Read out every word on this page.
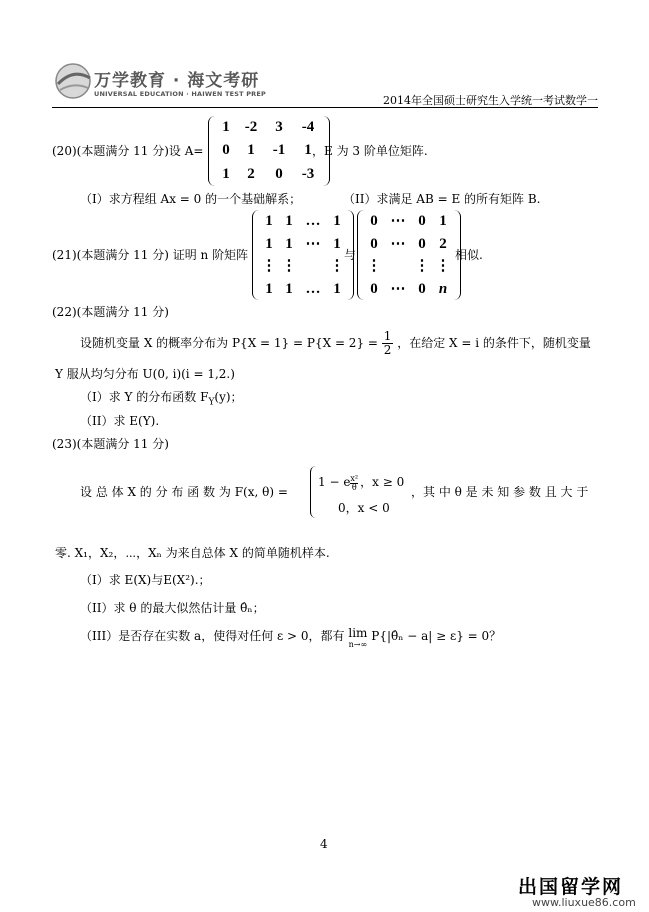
万学教育 · 海文考研
UNIVERSAL EDUCATION · HAIWEN TEST PREP	2014年全国硕士研究生入学统一考试数学一
(20)(本题满分 11 分)设 A=
1	-2	3	-4
0	1	-1	1
1	2	0	-3
，E 为 3 阶单位矩阵.
（I）求方程组 Ax = 0 的一个基础解系；	（II）求满足 AB = E 的所有矩阵 B.
(21)(本题满分 11 分) 证明 n 阶矩阵
1 1 … 1
1 1 ⋯ 1
⋮ ⋮ ⋮
1 1 … 1
与
0 ⋯ 0 1
0 ⋯ 0 2
⋮ ⋮ ⋮
0 ⋯ 0 n
相似.
(22)(本题满分 11 分)
设随机变量 X 的概率分布为 $P\{X = 1\} = P\{X = 2\} = \frac{1}{2}$ ，在给定 X = i 的条件下，随机变量
Y 服从均匀分布 U(0, i)(i = 1,2.)
（I）求 Y 的分布函数 $F_Y(y)$；
（II）求 E(Y).
(23)(本题满分 11 分)
设 总 体 X 的 分 布 函 数 为 F(x, θ) =
1 − e $\frac{\text{x²}}{\theta}$ ，x ≥ 0
0，x < 0
，其 中 θ 是 未 知 参 数 且 大 于
零. X₁，X₂，⋯，Xₙ 为来自总体 X 的简单随机样本.
（I）求 E(X)与E(X²).；
（II）求 θ 的最大似然估计量 θ̂ₙ；
（III）是否存在实数 a，使得对任何 ε > 0，都有 lim
n→∞
P{|θ̂ₙ − a| ≥ ε} = 0？
4
出国留学网
www.liuxue86.com
